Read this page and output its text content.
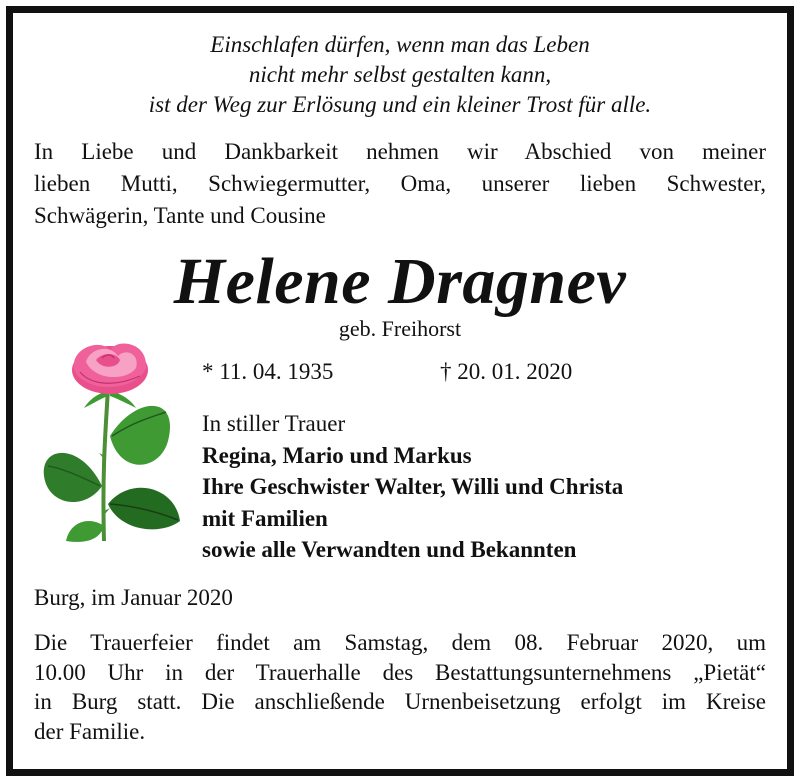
Einschlafen dürfen, wenn man das Leben
nicht mehr selbst gestalten kann,
ist der Weg zur Erlösung und ein kleiner Trost für alle.
In Liebe und Dankbarkeit nehmen wir Abschied von meiner
lieben Mutti, Schwiegermutter, Oma, unserer lieben Schwester,
Schwägerin, Tante und Cousine
Helene Dragnev
geb. Freihorst
* 11. 04. 1935	† 20. 01. 2020
In stiller Trauer
Regina, Mario und Markus
Ihre Geschwister Walter, Willi und Christa
mit Familien
sowie alle Verwandten und Bekannten
Burg, im Januar 2020
Die Trauerfeier findet am Samstag, dem 08. Februar 2020, um
10.00 Uhr in der Trauerhalle des Bestattungsunternehmens „Pietät“
in Burg statt. Die anschließende Urnenbeisetzung erfolgt im Kreise
der Familie.
